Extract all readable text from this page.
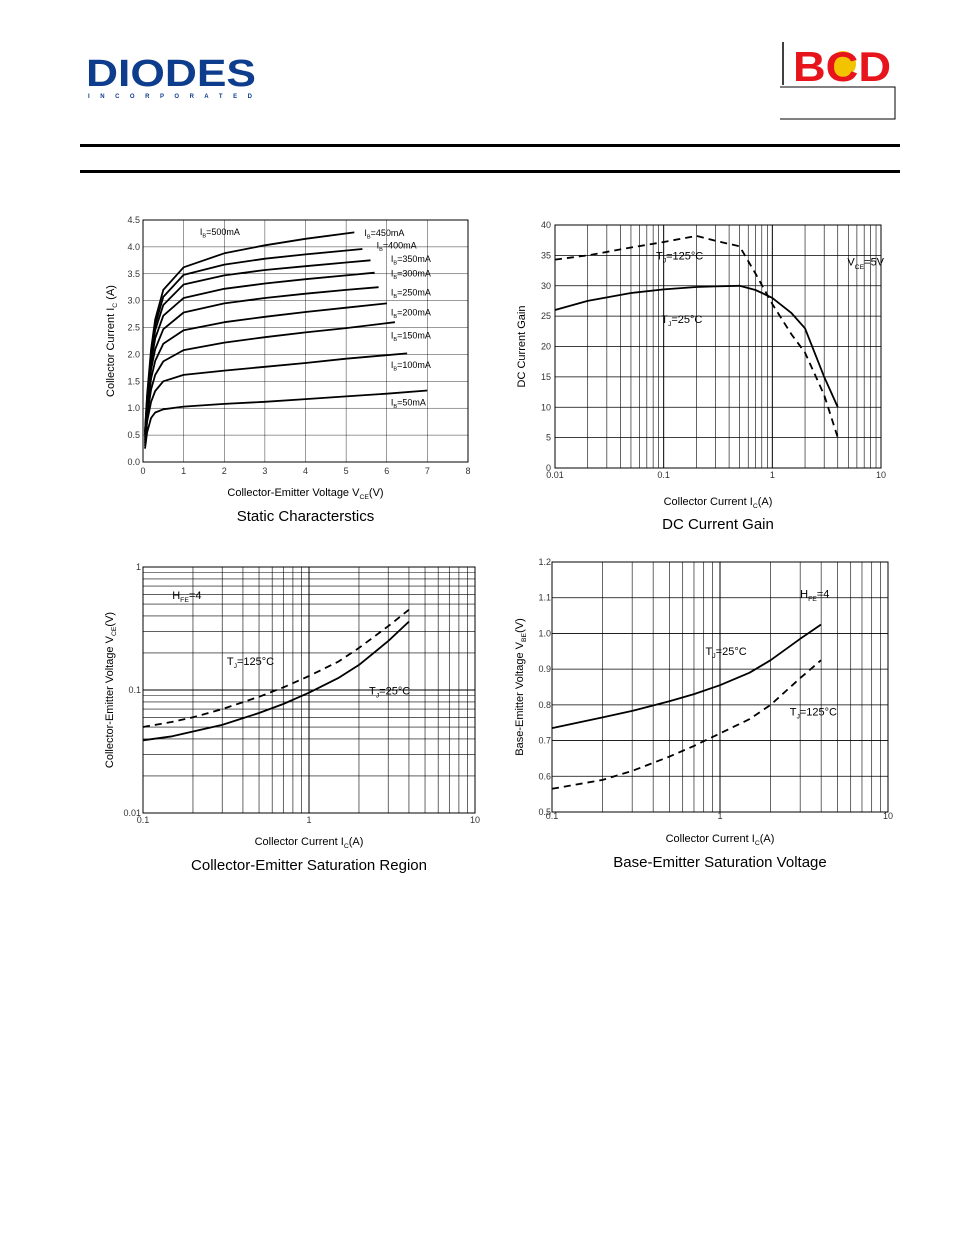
DIODES
I N C O R P O R A T E D
BCD
0	1	2	3	4	5	6	7	8
0.0
0.5
1.0
1.5
2.0
2.5
3.0
3.5
4.0
4.5
$I_B=50mA$
$I_B=100mA$
$I_B=150mA$
$I_B=200mA$
$I_B=250mA$
$I_B=300mA$
$I_B=350mA$
$I_B=400mA$
$I_B=450mA$
$I_B=500mA$
Collector-Emitter Voltage $V_{CE}(V)$
Collector Current $I_C$ (A)
Static Characterstics
0.01	0.1	1	10
0
5
10
15
20
25
30
35
40
$T_J=125^\circ C$
$T_J=25^\circ C$
$V_{CE}=5V$
Collector Current $I_C(A)$
DC Current Gain
DC Current Gain
0.1	1	10
0.01
0.1
1
$T_J=125^\circ C$
$T_J=25^\circ C$
$H_{FE}=4$
Collector Current $I_C(A)$
Collector-Emitter Voltage $V_{CE}(V)$
Collector-Emitter Saturation Region
0.1	1	10
0.5
0.6
0.7
0.8
0.9
1.0
1.1
1.2
$T_J=25^\circ C$
$T_J=125^\circ C$
$H_{FE}=4$
Collector Current $I_C(A)$
Base-Emitter Voltage $V_{BE}(V)$
Base-Emitter Saturation Voltage
